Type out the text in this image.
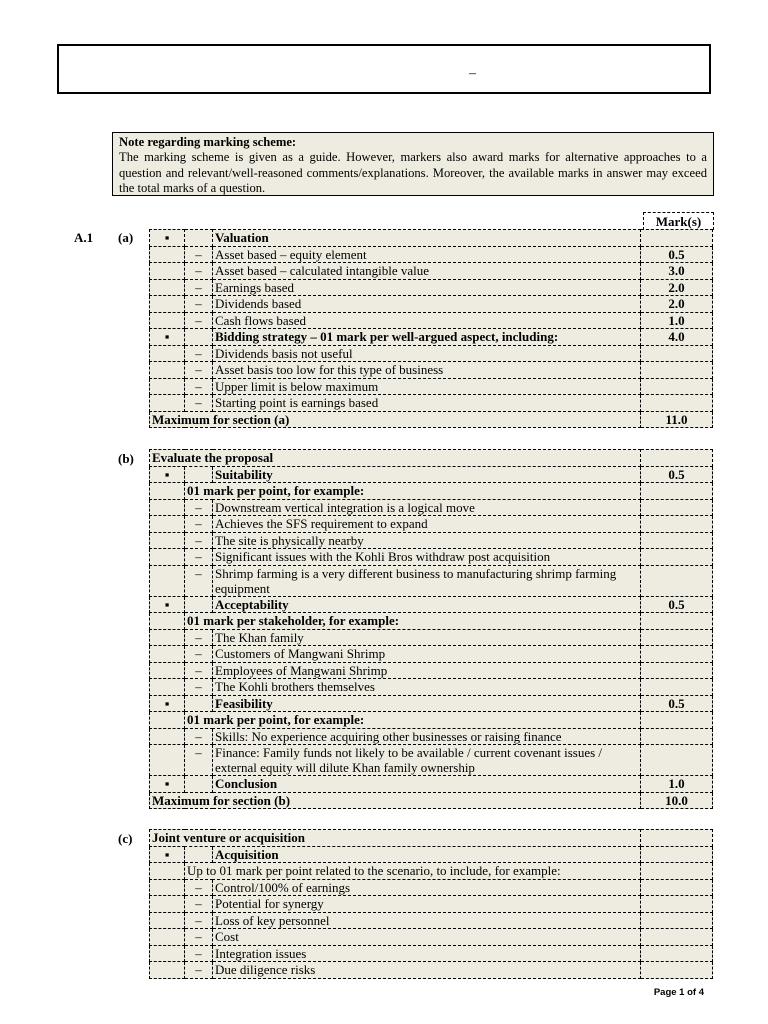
–
Note regarding marking scheme:
The marking scheme is given as a guide. However, markers also award marks for alternative approaches to a question and relevant/well-reasoned comments/explanations. Moreover, the available marks in answer may exceed the total marks of a question.
Mark(s)
A.1 (a)
(b)
(c)
▪		Valuation	
	–	Asset based – equity element	0.5
	–	Asset based – calculated intangible value	3.0
	–	Earnings based	2.0
	–	Dividends based	2.0
	–	Cash flows based	1.0
▪		Bidding strategy – 01 mark per well-argued aspect, including:	4.0
	–	Dividends basis not useful	
	–	Asset basis too low for this type of business	
	–	Upper limit is below maximum	
	–	Starting point is earnings based	
Maximum for section (a)			11.0
Evaluate the proposal			
▪		Suitability	0.5
	01 mark per point, for example:		
	–	Downstream vertical integration is a logical move	
	–	Achieves the SFS requirement to expand	
	–	The site is physically nearby	
	–	Significant issues with the Kohli Bros withdraw post acquisition	
	–	Shrimp farming is a very different business to manufacturing shrimp farming equipment	
▪		Acceptability	0.5
	01 mark per stakeholder, for example:		
	–	The Khan family	
	–	Customers of Mangwani Shrimp	
	–	Employees of Mangwani Shrimp	
	–	The Kohli brothers themselves	
▪		Feasibility	0.5
	01 mark per point, for example:		
	–	Skills: No experience acquiring other businesses or raising finance	
	–	Finance: Family funds not likely to be available / current covenant issues / external equity will dilute Khan family ownership	
▪		Conclusion	1.0
Maximum for section (b)			10.0
Joint venture or acquisition			
▪		Acquisition	
	Up to 01 mark per point related to the scenario, to include, for example:		
	–	Control/100% of earnings	
	–	Potential for synergy	
	–	Loss of key personnel	
	–	Cost	
	–	Integration issues	
	–	Due diligence risks	
Page 1 of 4
